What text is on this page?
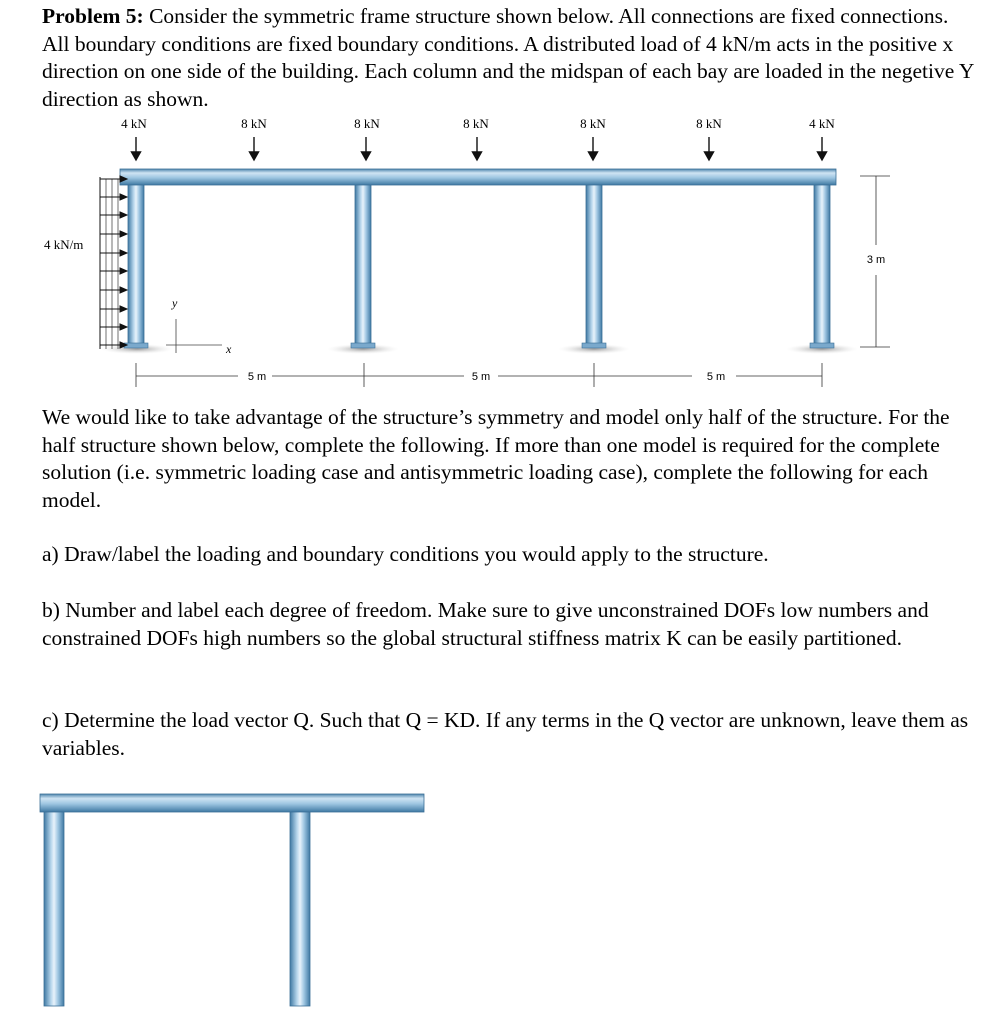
Problem 5: Consider the symmetric frame structure shown below. All connections are fixed connections. All boundary conditions are fixed boundary conditions. A distributed load of 4 kN/m acts in the positive x direction on one side of the building. Each column and the midspan of each bay are loaded in the negetive Y direction as shown.

4 kN	8 kN	8 kN	8 kN	8 kN	8 kN	4 kN
4 kN/m
y
x
3 m
5 m	5 m	5 m

We would like to take advantage of the structure’s symmetry and model only half of the structure. For the half structure shown below, complete the following. If more than one model is required for the complete solution (i.e. symmetric loading case and antisymmetric loading case), complete the following for each model.

a) Draw/label the loading and boundary conditions you would apply to the structure.

b) Number and label each degree of freedom. Make sure to give unconstrained DOFs low numbers and constrained DOFs high numbers so the global structural stiffness matrix K can be easily partitioned.

c) Determine the load vector Q. Such that Q = KD. If any terms in the Q vector are unknown, leave them as variables.
